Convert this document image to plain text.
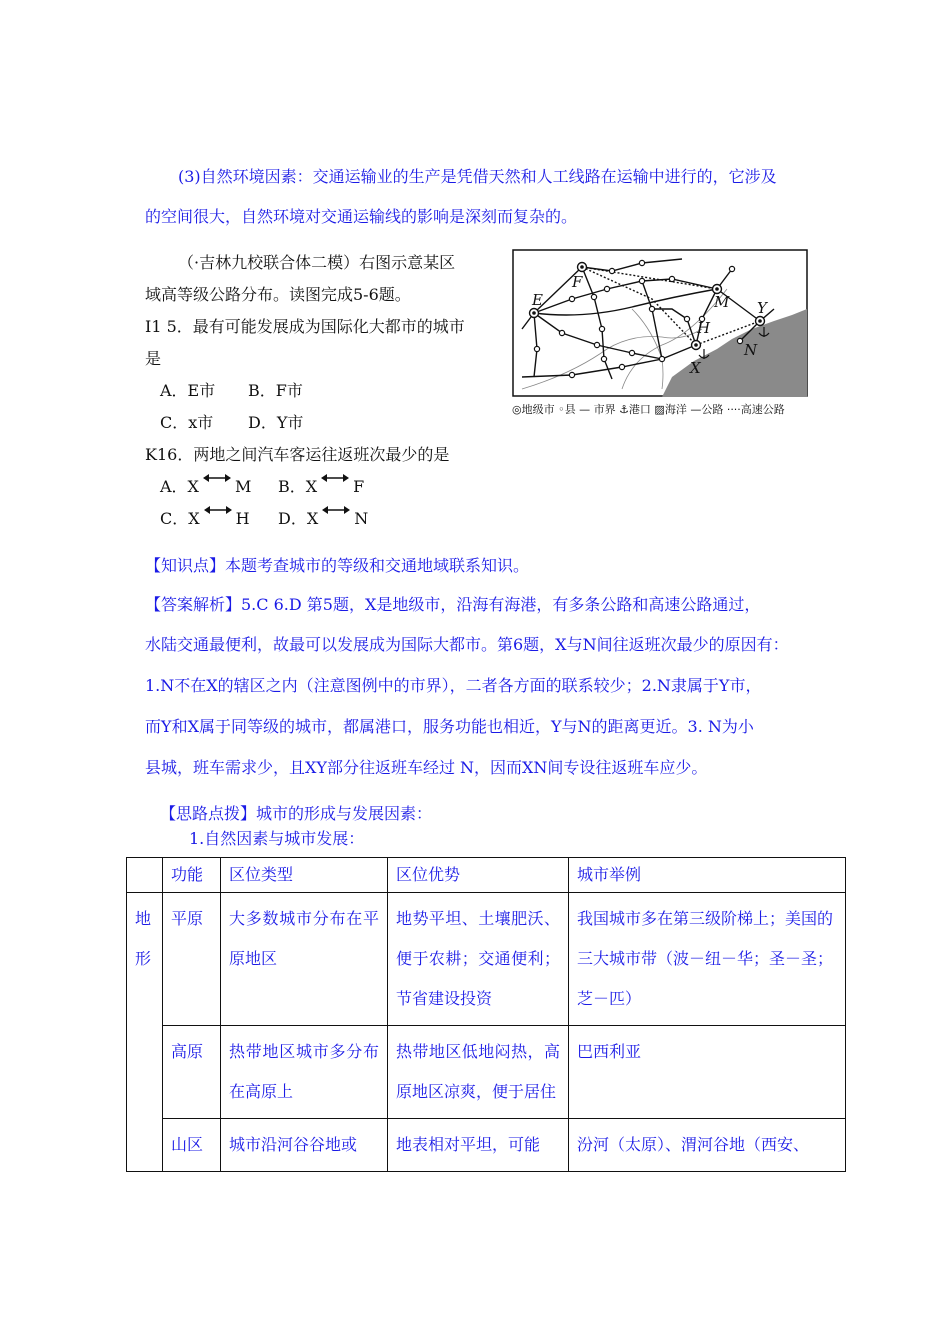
(3)自然环境因素：交通运输业的生产是凭借天然和人工线路在运输中进行的，它涉及
的空间很大，自然环境对交通运输线的影响是深刻而复杂的。
（·吉林九校联合体二模）右图示意某区
域高等级公路分布。读图完成5-6题。
I1 5．最有可能发展成为国际化大都市的城市
是
A．E市 B．F市
C．x市 D．Y市
K16．两地之间汽车客运往返班次最少的是
A．X M B．X F
C．X H D．X N
E
F
M Y
H
N
X
◎地级市 ◦县 — 市界 ⚓港口 ▨海洋 —公路 ····高速公路
【知识点】本题考查城市的等级和交通地域联系知识。
【答案解析】5.C 6.D 第5题，X是地级市，沿海有海港，有多条公路和高速公路通过，
水陆交通最便利，故最可以发展成为国际大都市。第6题，X与N间往返班次最少的原因有：
1.N不在X的辖区之内（注意图例中的市界），二者各方面的联系较少；2.N隶属于Y市，
而Y和X属于同等级的城市，都属港口，服务功能也相近，Y与N的距离更近。3. N为小
县城，班车需求少，且XY部分往返班车经过 N，因而XN间专设往返班车应少。
【思路点拨】城市的形成与发展因素：
1.自然因素与城市发展：
	功能	区位类型	区位优势	城市举例
地形	平原	大多数城市分布在平原地区	地势平坦、土壤肥沃、便于农耕；交通便利；节省建设投资	我国城市多在第三级阶梯上；美国的三大城市带（波－纽－华；圣－圣；芝－匹）
	高原	热带地区城市多分布在高原上	热带地区低地闷热，高原地区凉爽，便于居住	巴西利亚
	山区	城市沿河谷谷地或	地表相对平坦，可能	汾河（太原）、渭河谷地（西安、
